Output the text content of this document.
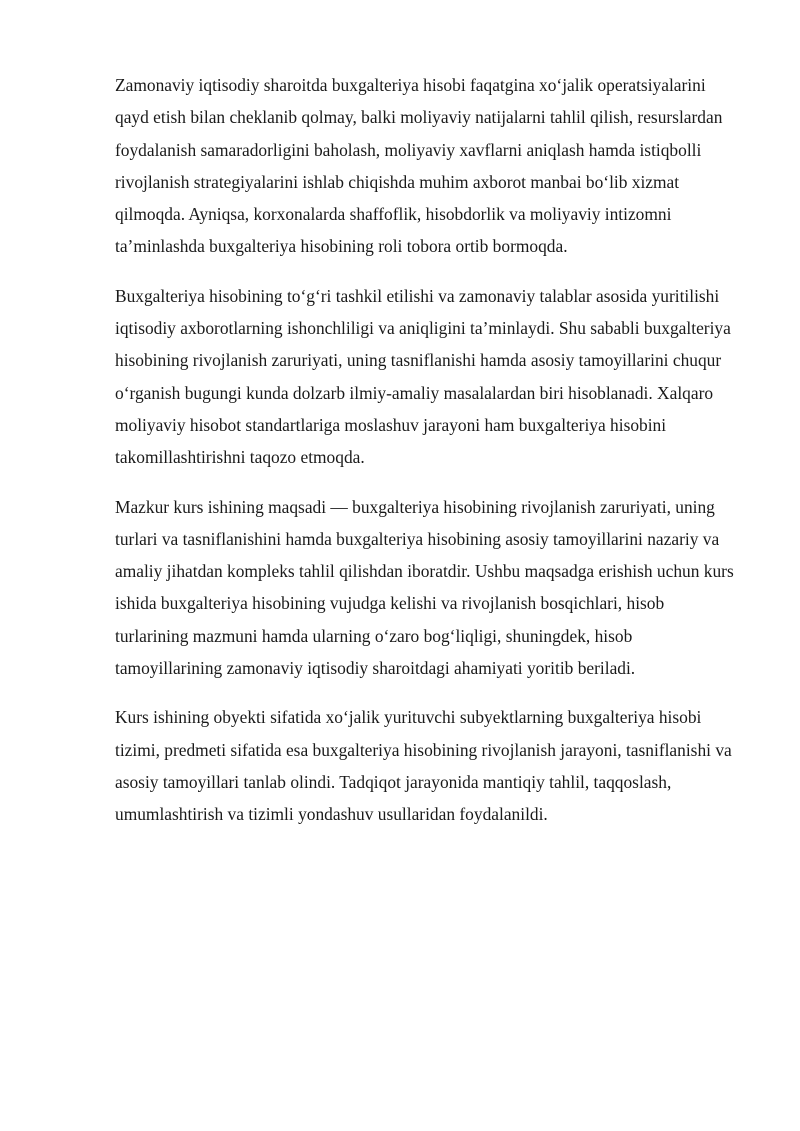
Zamonaviy iqtisodiy sharoitda buxgalteriya hisobi faqatgina xo‘jalik operatsiyalarini qayd etish bilan cheklanib qolmay, balki moliyaviy natijalarni tahlil qilish, resurslardan foydalanish samaradorligini baholash, moliyaviy xavflarni aniqlash hamda istiqbolli rivojlanish strategiyalarini ishlab chiqishda muhim axborot manbai bo‘lib xizmat qilmoqda. Ayniqsa, korxonalarda shaffoflik, hisobdorlik va moliyaviy intizomni ta’minlashda buxgalteriya hisobining roli tobora ortib bormoqda.

Buxgalteriya hisobining to‘g‘ri tashkil etilishi va zamonaviy talablar asosida yuritilishi iqtisodiy axborotlarning ishonchliligi va aniqligini ta’minlaydi. Shu sababli buxgalteriya hisobining rivojlanish zaruriyati, uning tasniflanishi hamda asosiy tamoyillarini chuqur o‘rganish bugungi kunda dolzarb ilmiy-amaliy masalalardan biri hisoblanadi. Xalqaro moliyaviy hisobot standartlariga moslashuv jarayoni ham buxgalteriya hisobini takomillashtirishni taqozo etmoqda.

Mazkur kurs ishining maqsadi — buxgalteriya hisobining rivojlanish zaruriyati, uning turlari va tasniflanishini hamda buxgalteriya hisobining asosiy tamoyillarini nazariy va amaliy jihatdan kompleks tahlil qilishdan iboratdir. Ushbu maqsadga erishish uchun kurs ishida buxgalteriya hisobining vujudga kelishi va rivojlanish bosqichlari, hisob turlarining mazmuni hamda ularning o‘zaro bog‘liqligi, shuningdek, hisob tamoyillarining zamonaviy iqtisodiy sharoitdagi ahamiyati yoritib beriladi.

Kurs ishining obyekti sifatida xo‘jalik yurituvchi subyektlarning buxgalteriya hisobi tizimi, predmeti sifatida esa buxgalteriya hisobining rivojlanish jarayoni, tasniflanishi va asosiy tamoyillari tanlab olindi. Tadqiqot jarayonida mantiqiy tahlil, taqqoslash, umumlashtirish va tizimli yondashuv usullaridan foydalanildi.
